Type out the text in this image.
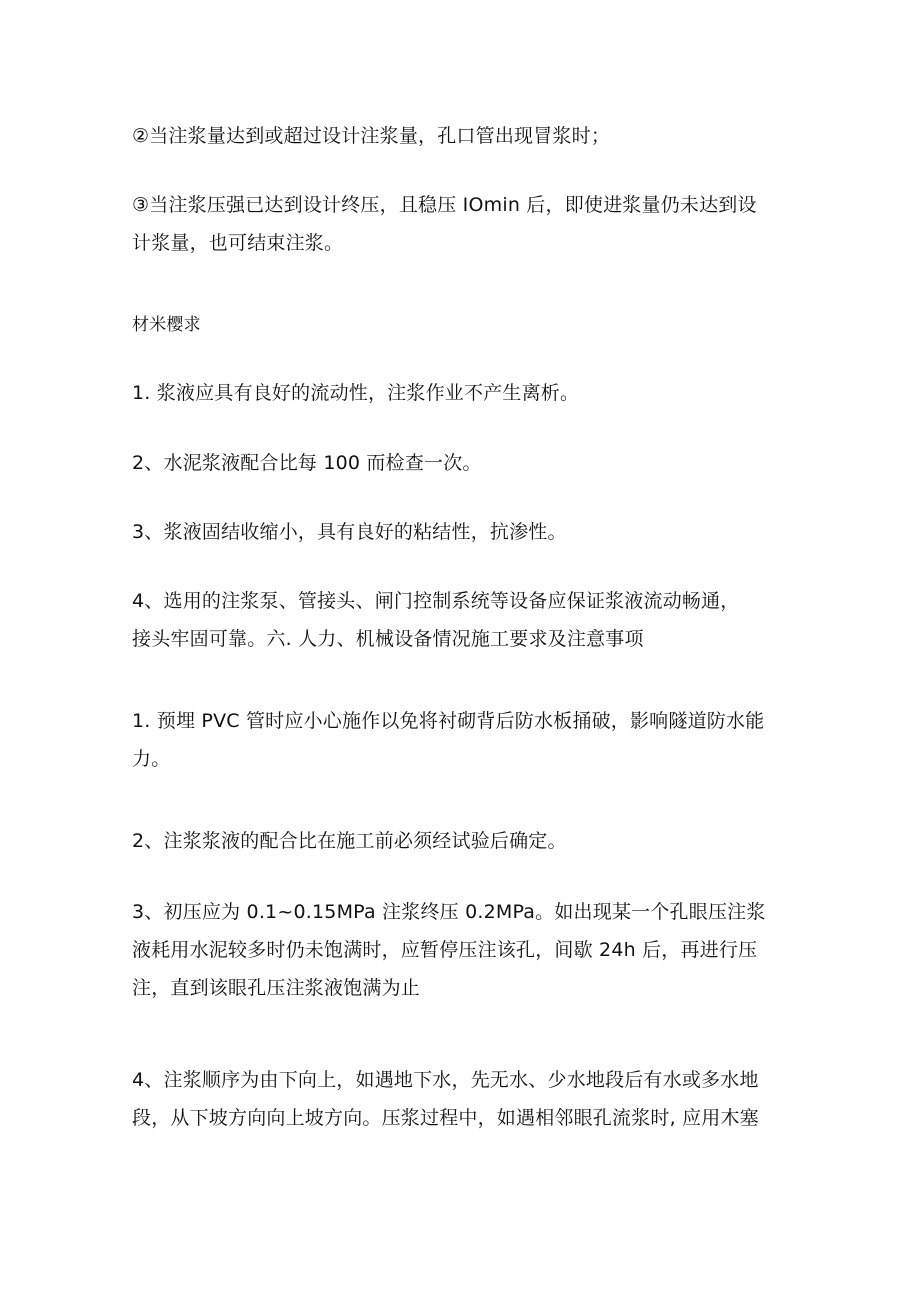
②当注浆量达到或超过设计注浆量，孔口管出现冒浆时；

③当注浆压强已达到设计终压，且稳压 IOmin 后，即使进浆量仍未达到设
计浆量，也可结束注浆。

材米樱求

1. 浆液应具有良好的流动性，注浆作业不产生离析。

2、水泥浆液配合比每 100 而检查一次。

3、浆液固结收缩小，具有良好的粘结性，抗渗性。

4、选用的注浆泵、管接头、闸门控制系统等设备应保证浆液流动畅通，
接头牢固可靠。六. 人力、机械设备情况施工要求及注意事项

1. 预埋 PVC 管时应小心施作以免将衬砌背后防水板捅破，影响隧道防水能
力。

2、注浆浆液的配合比在施工前必须经试验后确定。

3、初压应为 0.1~0.15MPa 注浆终压 0.2MPa。如出现某一个孔眼压注浆
液耗用水泥较多时仍未饱满时，应暂停压注该孔，间歇 24h 后，再进行压
注，直到该眼孔压注浆液饱满为止

4、注浆顺序为由下向上，如遇地下水，先无水、少水地段后有水或多水地
段，从下坡方向向上坡方向。压浆过程中，如遇相邻眼孔流浆时, 应用木塞
